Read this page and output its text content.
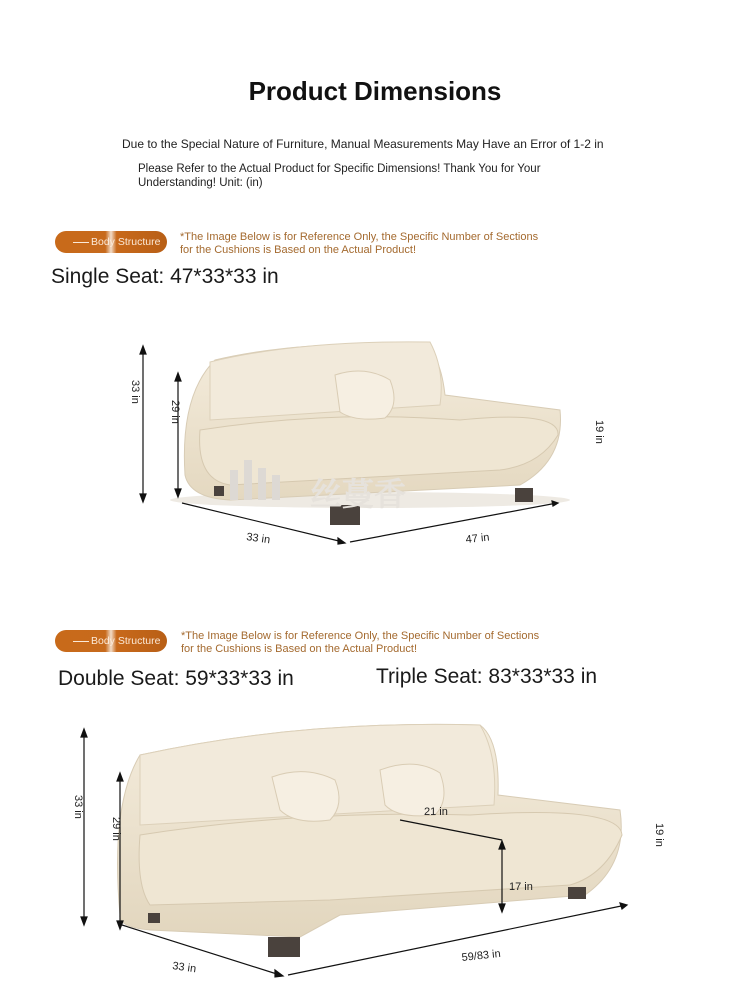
Product Dimensions
Due to the Special Nature of Furniture, Manual Measurements May Have an Error of 1-2 in
Please Refer to the Actual Product for Specific Dimensions! Thank You for Your Understanding! Unit: (in)
Body Structure	*The Image Below is for Reference Only, the Specific Number of Sections for the Cushions is Based on the Actual Product!
Single Seat: 47*33*33 in
丝蔓香
33 in
29 in
19 in
33 in	47 in
Body Structure	*The Image Below is for Reference Only, the Specific Number of Sections for the Cushions is Based on the Actual Product!
Double Seat: 59*33*33 in	Triple Seat: 83*33*33 in
33 in
29 in	19 in
21 in
17 in
33 in
59/83 in
